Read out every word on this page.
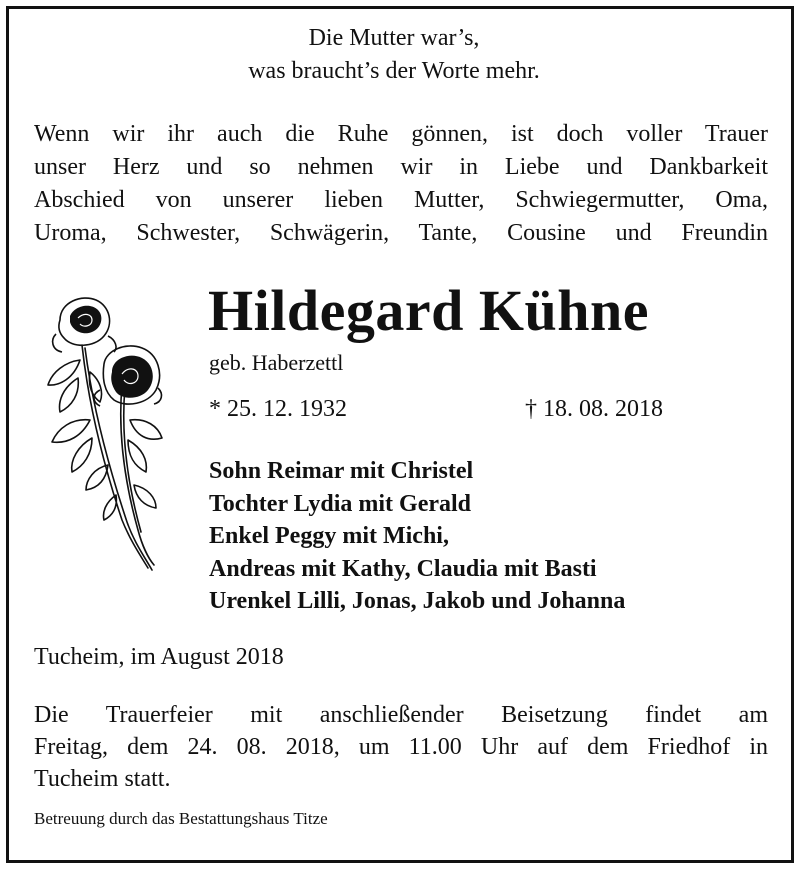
Die Mutter war’s,
was braucht’s der Worte mehr.
Wenn wir ihr auch die Ruhe gönnen, ist doch voller Trauer
unser Herz und so nehmen wir in Liebe und Dankbarkeit
Abschied von unserer lieben Mutter, Schwiegermutter, Oma,
Uroma, Schwester, Schwägerin, Tante, Cousine und Freundin
Hildegard Kühne
geb. Haberzettl
* 25. 12. 1932	† 18. 08. 2018
Sohn Reimar mit Christel
Tochter Lydia mit Gerald
Enkel Peggy mit Michi,
Andreas mit Kathy, Claudia mit Basti
Urenkel Lilli, Jonas, Jakob und Johanna
Tucheim, im August 2018
Die Trauerfeier mit anschließender Beisetzung findet am
Freitag, dem 24. 08. 2018, um 11.00 Uhr auf dem Friedhof in
Tucheim statt.
Betreuung durch das Bestattungshaus Titze
